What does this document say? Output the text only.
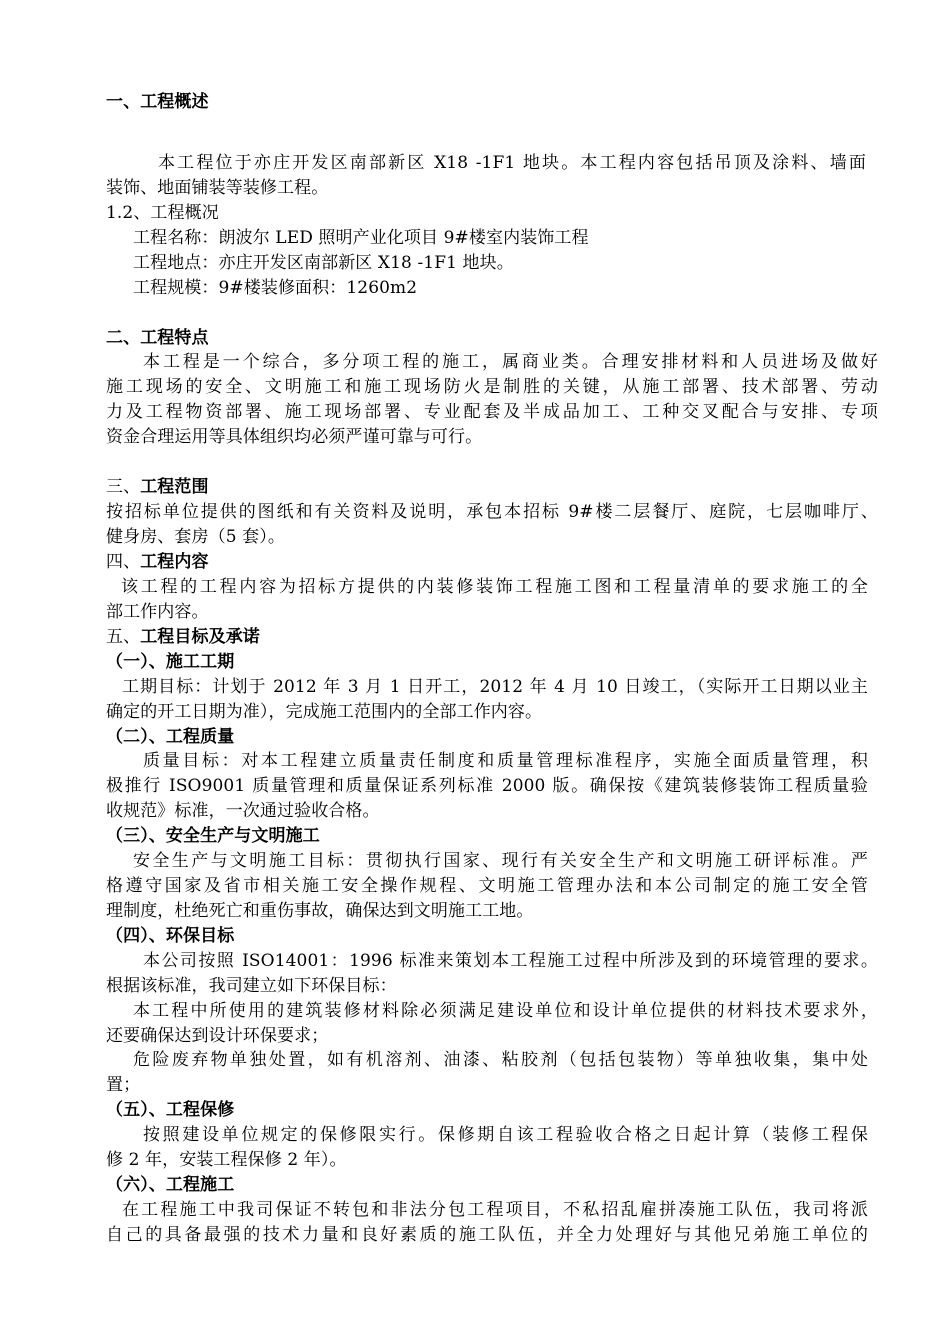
一、工程概述
本工程位于亦庄开发区南部新区 X18 -1F1 地块。本工程内容包括吊顶及涂料、墙面
装饰、地面铺装等装修工程。
1.2、工程概况
工程名称：朗波尔 LED 照明产业化项目 9#楼室内装饰工程
工程地点：亦庄开发区南部新区 X18 -1F1 地块。
工程规模：9#楼装修面积：1260m2
二、工程特点
本工程是一个综合，多分项工程的施工，属商业类。合理安排材料和人员进场及做好
施工现场的安全、文明施工和施工现场防火是制胜的关键，从施工部署、技术部署、劳动
力及工程物资部署、施工现场部署、专业配套及半成品加工、工种交叉配合与安排、专项
资金合理运用等具体组织均必须严谨可靠与可行。
三、工程范围
按招标单位提供的图纸和有关资料及说明，承包本招标 9#楼二层餐厅、庭院，七层咖啡厅、
健身房、套房（5 套）。
四、工程内容
该工程的工程内容为招标方提供的内装修装饰工程施工图和工程量清单的要求施工的全
部工作内容。
五、工程目标及承诺
（一）、施工工期
工期目标：计划于 2012 年 3 月 1 日开工，2012 年 4 月 10 日竣工，（实际开工日期以业主
确定的开工日期为准），完成施工范围内的全部工作内容。
（二）、工程质量
质量目标：对本工程建立质量责任制度和质量管理标准程序，实施全面质量管理，积
极推行 ISO9001 质量管理和质量保证系列标准 2000 版。确保按《建筑装修装饰工程质量验
收规范》标准，一次通过验收合格。
（三）、安全生产与文明施工
安全生产与文明施工目标：贯彻执行国家、现行有关安全生产和文明施工研评标准。严
格遵守国家及省市相关施工安全操作规程、文明施工管理办法和本公司制定的施工安全管
理制度，杜绝死亡和重伤事故，确保达到文明施工工地。
（四）、环保目标
本公司按照 ISO14001：1996 标准来策划本工程施工过程中所涉及到的环境管理的要求。
根据该标准，我司建立如下环保目标：
本工程中所使用的建筑装修材料除必须满足建设单位和设计单位提供的材料技术要求外，
还要确保达到设计环保要求；
危险废弃物单独处置，如有机溶剂、油漆、粘胶剂（包括包装物）等单独收集，集中处
置；
（五）、工程保修
按照建设单位规定的保修限实行。保修期自该工程验收合格之日起计算（装修工程保
修 2 年，安装工程保修 2 年）。
（六）、工程施工
在工程施工中我司保证不转包和非法分包工程项目，不私招乱雇拼凑施工队伍，我司将派
自己的具备最强的技术力量和良好素质的施工队伍，并全力处理好与其他兄弟施工单位的
